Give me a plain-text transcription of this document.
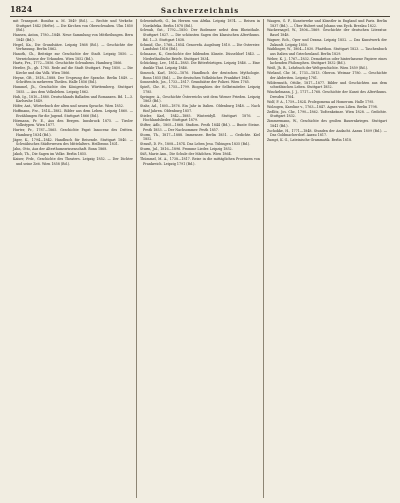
1824	Sachverzeichnis

mit Transport. Bonifaz a. M. 1849 (Bd.). — Rechte und Verkehr. Stuttgart 1842 (Hefte). — Die Kirchen von Oberschwaben. Ulm 1850 (Bd.).

Hansen, Anton, 1780—1848. Neue Sammlung von Mittheilungen. Bern 1845 (Bd.).

Hegel, Ka., Die Grundsätze. Leipzig 1868 (Bd.). — Geschichte der Verfassung. Berlin 1862.

Hanoth, Ch., Beiträge zur Geschichte der Stadt. Leipzig 1850. — Verzeichnisse der Urkunden. Wien 1852 (Bd.).

Hartz, Frz., 1772—1856. Geschichte Schwabens. Hamburg 1866.

Herder, Jh., gb. 1785. Rede auf die Stadt Stuttgart. Prag 1850. — Die Kirche und das Volk. Wien 1866.

Heyne, Gft., 1818—1888. Der Ursprung der Sprache. Berlin 1849. — Schriften in mehreren Theilen. Halle 1856 (Bd.).

Hummel, Jh., Geschichte des Königreichs Württemberg. Stuttgart 1855. — Aus dem Volksleben. Leipzig 1862.

Hub, Ig., 1810—1880. Deutschlands Balladen und Romanzen. Bd. 1—3. Karlsruhe 1849.

Höfer, Ant., Wörterbuch der alten und neuen Sprache. Wien 1852.

Hoffmann, Frz., 1814—1882. Bilder aus dem Leben. Leipzig 1860. — Erzählungen für die Jugend. Stuttgart 1866 (Bd.).

Hörmann, Fr. E., Aus den Bergen. Innsbruck 1875. — Tiroler Volkstypen. Wien 1877.

Hurter, Fr., 1787—1865. Geschichte Papst Innocenz des Dritten. Hamburg 1834 (Bd.).

Jäger, K., 1794—1842. Handbuch für Reisende. Stuttgart 1840. — Schwäbisches Städtewesen des Mittelalters. Heilbronn 1831.

Jahn, Otto, Aus der Alterthumswissenschaft. Bonn 1868.

Jakob, Th., Die Sagen im Volke. Berlin 1855.

Kaiser, Frdr., Geschichte des Theaters. Leipzig 1852. — Der Dichter und seine Zeit. Wien 1858 (Bd.).

Schweinfurth, G., Im Herzen von Afrika. Leipzig 1874. — Reisen in Nordafrika. Berlin 1878 (Bd.).

Schwab, Gst., 1792—1850. Der Bodensee nebst dem Rheinthale. Stuttgart 1827. — Die schönsten Sagen des klassischen Alterthums. Bd. 1—3. Stuttgart 1838.

Schmid, Chr., 1768—1854. Genovefa. Augsburg 1810. — Die Ostereier. Landshut 1816 (Bd.).

Schnaase, K., Geschichte der bildenden Künste. Düsseldorf 1843. — Niederländische Briefe. Stuttgart 1834.

Schücking, Lev., 1814—1883. Die Ritterbürtigen. Leipzig 1846. — Eine dunkle That. Leipzig 1846.

Simrock, Karl, 1802—1876. Handbuch der deutschen Mythologie. Bonn 1855 (Bd.). — Die deutschen Volksbücher. Frankfurt 1845.

Sonnenfels, Jos., 1733—1817. Grundsätze der Polizei. Wien 1765.

Spieß, Chr. H., 1755—1799. Biographien der Selbstmörder. Leipzig 1785.

Springer, A., Geschichte Österreichs seit dem Wiener Frieden. Leipzig 1863 (Bd.).

Stahr, Ad., 1805—1876. Ein Jahr in Italien. Oldenburg 1848. — Nach fünf Jahren. Oldenburg 1857.

Stieler, Karl, 1842—1885. Winteridyll. Stuttgart 1876. — Hochlandslieder. Stuttgart 1879.

Stifter, Adb., 1805—1868. Studien. Pesth 1844 (Bd.). — Bunte Steine. Pesth 1853. — Der Nachsommer. Pesth 1857.

Storm, Th., 1817—1888. Immensee. Berlin 1851. — Gedichte. Kiel 1852.

Strauß, D. Fr., 1808—1874. Das Leben Jesu. Tübingen 1835 (Bd.).

Sturm, Jul., 1816—1896. Fromme Lieder. Leipzig 1852.

Süß, Marie Ann., Die Schule der Mädchen. Wien 1864.

Thümmel, M. A., 1738—1817. Reise in die mittäglichen Provinzen von Frankreich. Leipzig 1791 (Bd.).

Waagen, G. F., Kunstwerke und Künstler in England und Paris. Berlin 1837 (Bd.). — Über Hubert und Johann van Eyck. Breslau 1822.

Wackernagel, W., 1806—1869. Geschichte der deutschen Literatur. Basel 1848.

Wagner, Rch., Oper und Drama. Leipzig 1852. — Das Kunstwerk der Zukunft. Leipzig 1850.

Waiblinger, W., 1804—1830. Phaëthon. Stuttgart 1823. — Taschenbuch aus Italien und Griechenland. Berlin 1829.

Weber, K. J., 1767—1832. Demokritos oder hinterlassene Papiere eines lachenden Philosophen. Stuttgart 1832 (Bd.).

Weiß, Jh. B., Lehrbuch der Weltgeschichte. Wien 1859 (Bd.).

Wieland, Chr. M., 1733—1813. Oberon. Weimar 1780. — Geschichte der Abderiten. Leipzig 1781.

Wildermuth, Ottilie, 1817—1877. Bilder und Geschichten aus dem schwäbischen Leben. Stuttgart 1852.

Winckelmann, J. J., 1717—1768. Geschichte der Kunst des Alterthums. Dresden 1764.

Wolf, F. A., 1759—1824. Prolegomena ad Homerum. Halle 1795.

Wolzogen, Karoline v., 1763—1847. Agnes von Lilien. Berlin 1798.

Zedlitz, Jos. Chr., 1790—1862. Todtenkränze. Wien 1828. — Gedichte. Stuttgart 1832.

Zimmermann, W., Geschichte des großen Bauernkrieges. Stuttgart 1841 (Bd.).

Zschokke, H., 1771—1848. Stunden der Andacht. Aarau 1809 (Bd.). — Das Goldmacherdorf. Aarau 1817.

Zumpt, K. G., Lateinische Grammatik. Berlin 1818.
